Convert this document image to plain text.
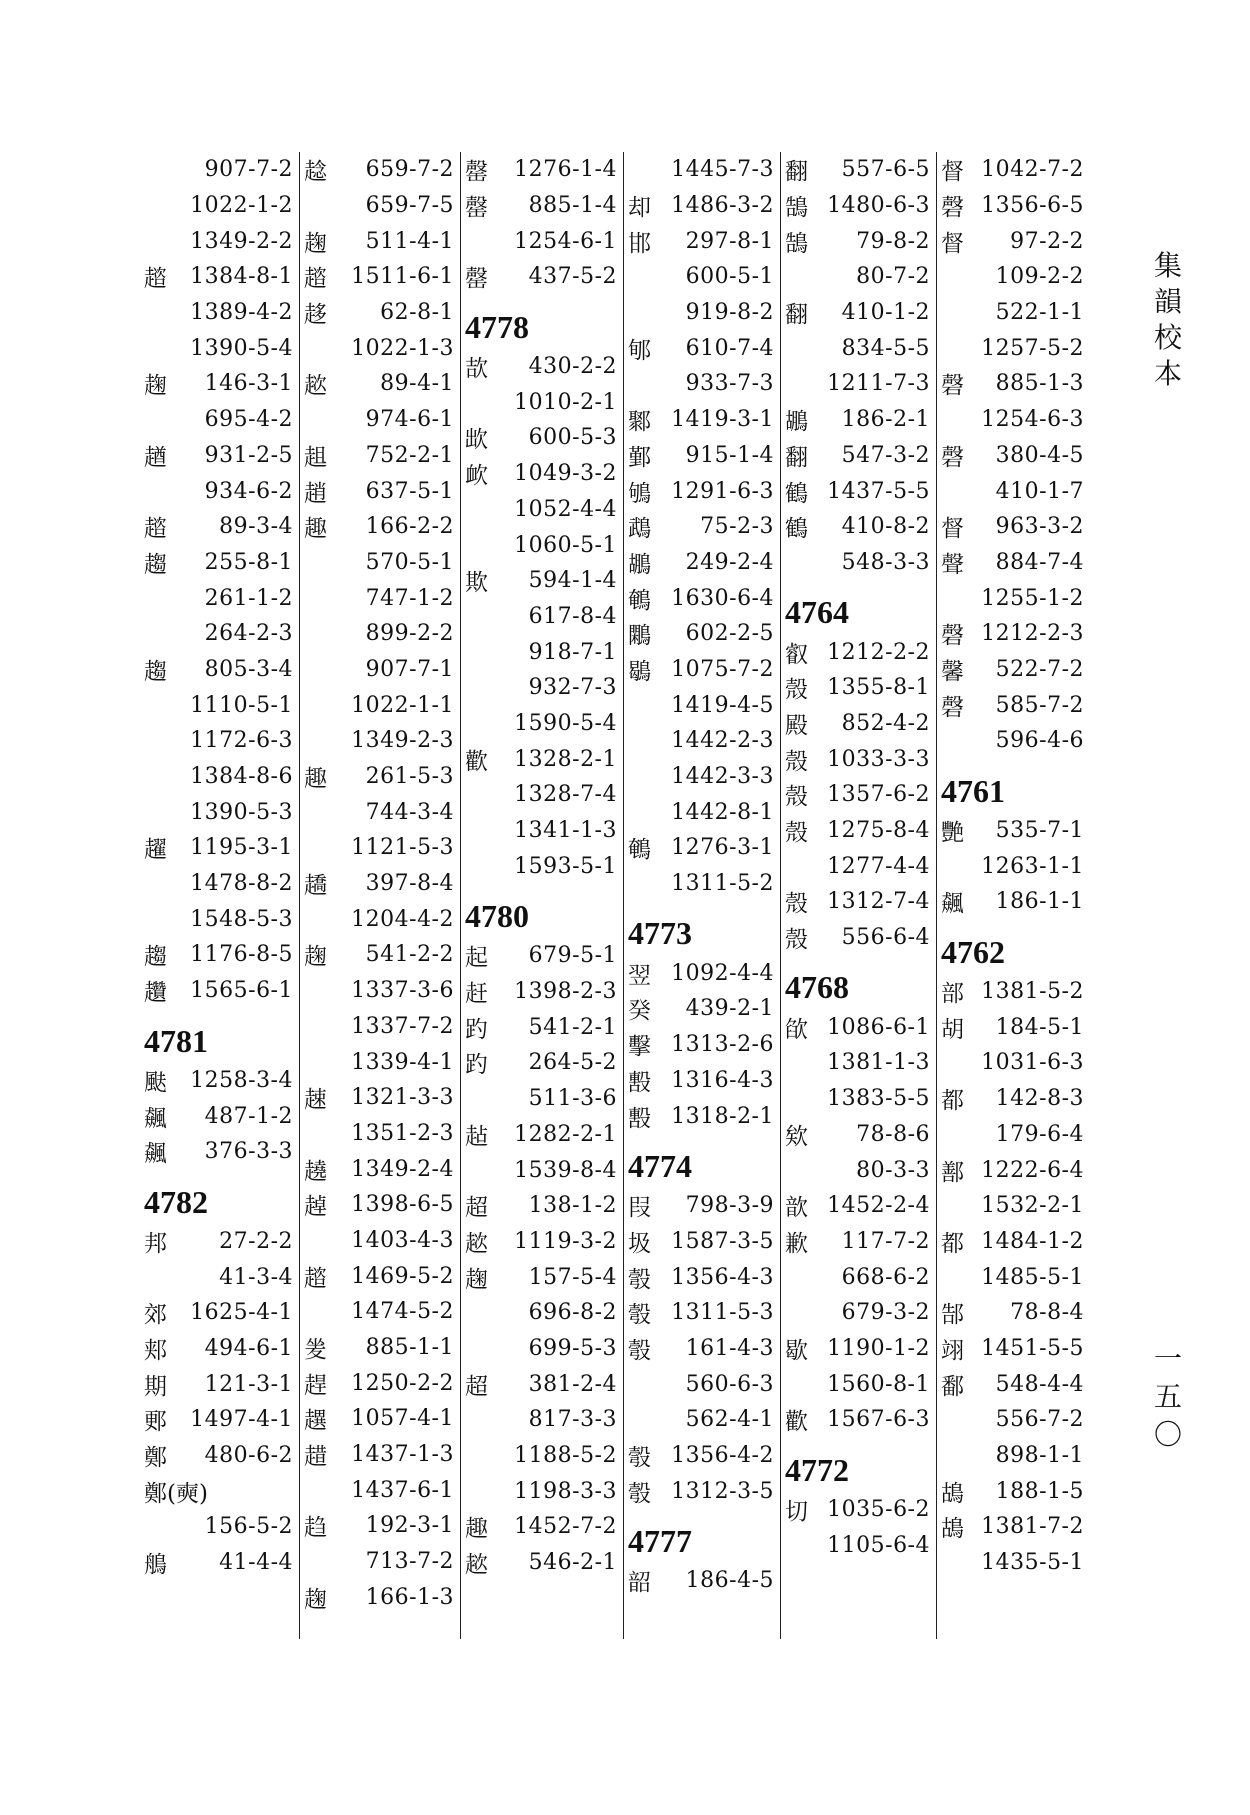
集韻校本
一五〇
907-7-2
1022-1-2
1349-2-2
趦	1384-8-1
1389-4-2
1390-5-4
趜	146-3-1
695-4-2
趥	931-2-5
934-6-2
趦	89-3-4
趨	255-8-1
261-1-2
264-2-3
趨	805-3-4
1110-5-1
1172-6-3
1384-8-6
1390-5-3
趯	1195-3-1
1478-8-2
1548-5-3
趨	1176-8-5
趲	1565-6-1
4781
颫	1258-3-4
飆	487-1-2
飆	376-3-3
4782
邦	27-2-2
41-3-4
郊	1625-4-1
郏	494-6-1
期	121-3-1
郠	1497-4-1
鄭	480-6-2
鄭(奭)
156-5-2
鵃	41-4-4
趝	659-7-2
659-7-5
趜	511-4-1
趦	1511-6-1
趍	62-8-1
1022-1-3
趑	89-4-1
974-6-1
趄	752-2-1
趙	637-5-1
趣	166-2-2
570-5-1
747-1-2
899-2-2
907-7-1
1022-1-1
1349-2-3
趣	261-5-3
744-3-4
1121-5-3
趫	397-8-4
1204-4-2
趜	541-2-2
1337-3-6
1337-7-2
1339-4-1
趚	1321-3-3
1351-2-3
趬	1349-2-4
趠	1398-6-5
1403-4-3
趦	1469-5-2
1474-5-2
夎	885-1-1
趕	1250-2-2
趩	1057-4-1
趞	1437-1-3
1437-6-1
趋	192-3-1
713-7-2
趜	166-1-3
罄	1276-1-4
罄	885-1-4
1254-6-1
罄	437-5-2
4778
欯	430-2-2
1010-2-1
欪	600-5-3
欰	1049-3-2
1052-4-4
1060-5-1
欺	594-1-4
617-8-4
918-7-1
932-7-3
1590-5-4
歡	1328-2-1
1328-7-4
1341-1-3
1593-5-1
4780
起	679-5-1
赶	1398-2-3
趵	541-2-1
趵	264-5-2
511-3-6
趈	1282-2-1
1539-8-4
超	138-1-2
趑	1119-3-2
趜	157-5-4
696-8-2
699-5-3
超	381-2-4
817-3-3
1188-5-2
1198-3-3
趣	1452-7-2
趑	546-2-1
1445-7-3
却 1486-3-2
邯	297-8-1
600-5-1
919-8-2
郇	610-7-4
933-7-3
鄹 1419-3-1
鄞	915-1-4
鴝 1291-6-3
鵡	75-2-3
鶘	249-2-4
鵪 1630-6-4
鷴	602-2-5
鶡 1075-7-2
1419-4-5
1442-2-3
1442-3-3
1442-8-1
鵪 1276-3-1
1311-5-2
4773
翌 1092-4-4
癸	439-2-1
擊 1313-2-6
毄 1316-4-3
毄 1318-2-1
4774
叚	798-3-9
圾 1587-3-5
彀 1356-4-3
彀 1311-5-3
彀	161-4-3
560-6-3
562-4-1
彀 1356-4-2
彀 1312-3-5
4777
韶	186-4-5
翻	557-6-5
鵠 1480-6-3
鵠	79-8-2
80-7-2
翻	410-1-2
834-5-5
1211-7-3
鶘	186-2-1
翻	547-3-2
鶴 1437-5-5
鶴	410-8-2
548-3-3
4764
叡 1212-2-2
殼 1355-8-1
殿	852-4-2
殼 1033-3-3
殼 1357-6-2
殼 1275-8-4
1277-4-4
殼 1312-7-4
殼	556-6-4
4768
欿 1086-6-1
1381-1-3
1383-5-5
欸	78-8-6
80-3-3
歆 1452-2-4
歉	117-7-2
668-6-2
679-3-2
歇 1190-1-2
1560-8-1
歡 1567-6-3
4772
切 1035-6-2
1105-6-4
督 1042-7-2
磬 1356-6-5
督	97-2-2
109-2-2
522-1-1
1257-5-2
磬	885-1-3
1254-6-3
磬	380-4-5
410-1-7
督	963-3-2
聲	884-7-4
1255-1-2
磬 1212-2-3
馨	522-7-2
磬	585-7-2
596-4-6
4761
艷	535-7-1
1263-1-1
飆	186-1-1
4762
部 1381-5-2
胡	184-5-1
1031-6-3
都	142-8-3
179-6-4
鄯 1222-6-4
1532-2-1
都 1484-1-2
1485-5-1
郜	78-8-4
翊 1451-5-5
鄱	548-4-4
556-7-2
898-1-1
鴣	188-1-5
鴣 1381-7-2
1435-5-1
